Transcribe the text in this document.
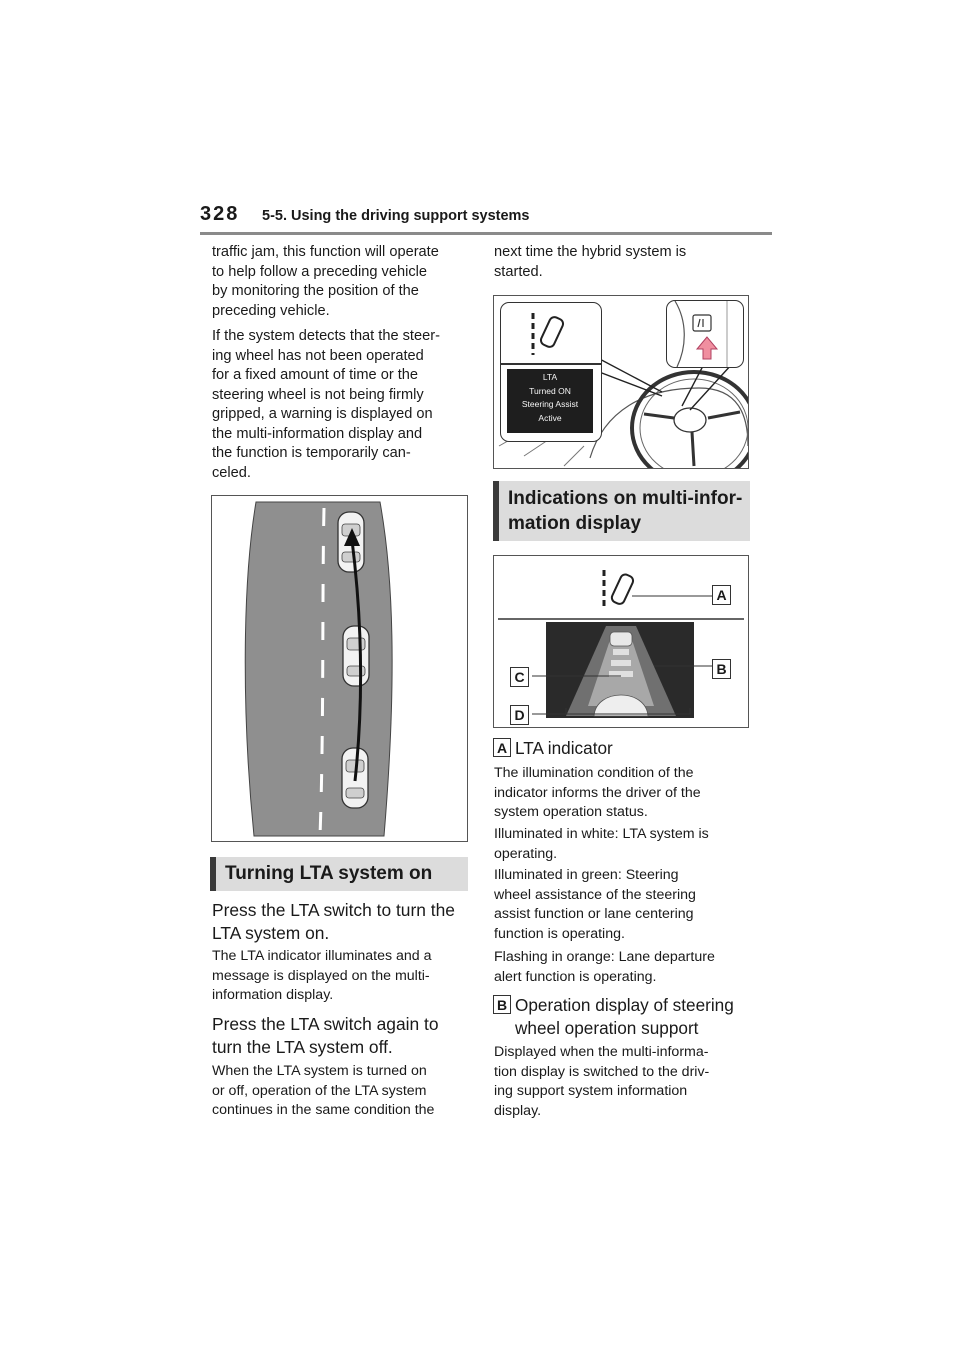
328 5-5. Using the driving support systems

traffic jam, this function will operate

to help follow a preceding vehicle

by monitoring the position of the

preceding vehicle.

If the system detects that the steer-

ing wheel has not been operated

for a fixed amount of time or the

steering wheel is not being firmly

gripped, a warning is displayed on

the multi-information display and

the function is temporarily can-

celed.

Turning LTA system on

Press the LTA switch to turn the

LTA system on.

The LTA indicator illuminates and a

message is displayed on the multi-

information display.

Press the LTA switch again to

turn the LTA system off.

When the LTA system is turned on

or off, operation of the LTA system

continues in the same condition the

next time the hybrid system is

started.

LTA
Turned ON
Steering Assist
Active
Indications on multi-infor-
mation display
A
B
C
D
A LTA indicator

The illumination condition of the

indicator informs the driver of the

system operation status.

Illuminated in white: LTA system is

operating.

Illuminated in green: Steering

wheel assistance of the steering

assist function or lane centering

function is operating.

Flashing in orange: Lane departure

alert function is operating.

B Operation display of steering
wheel operation support

Displayed when the multi-informa-

tion display is switched to the driv-

ing support system information

display.
